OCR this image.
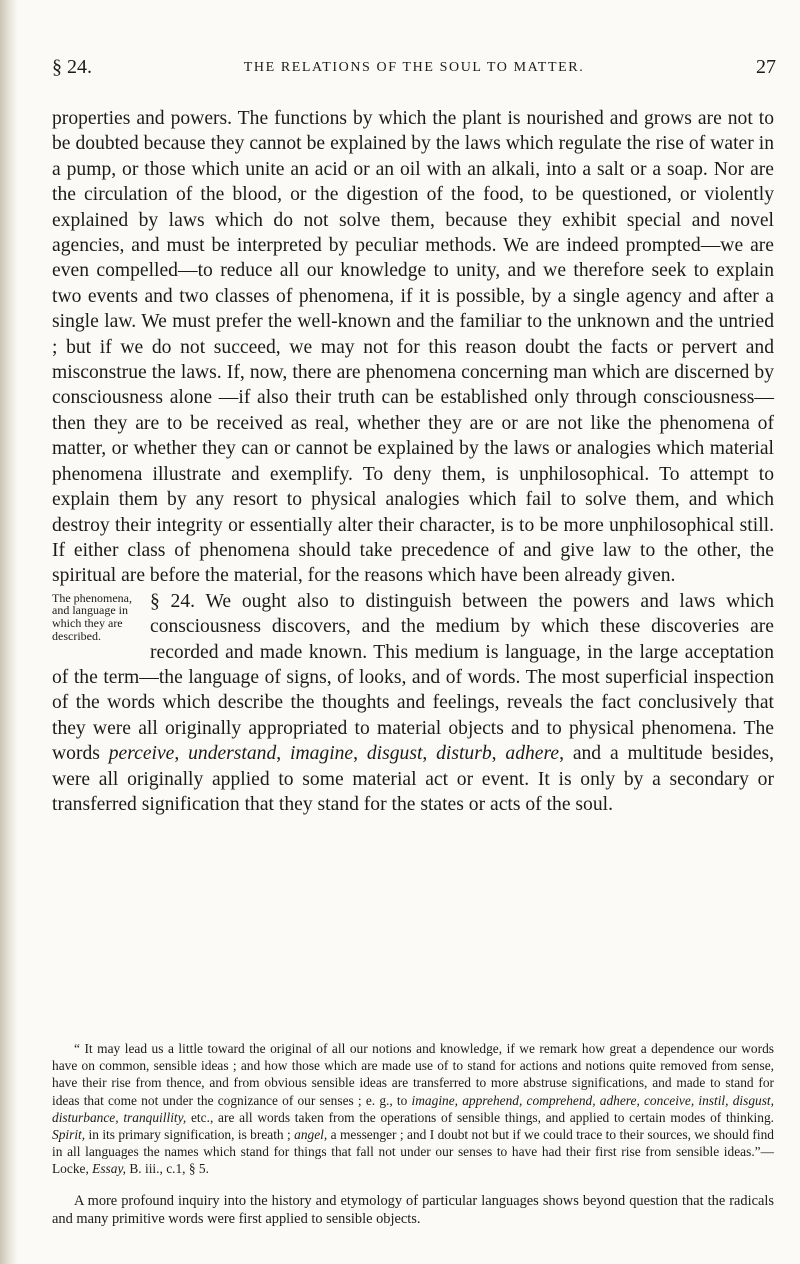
§ 24.	THE RELATIONS OF THE SOUL TO MATTER.	27

properties and powers. The functions by which the plant is nourished and grows are not to be doubted because they cannot be explained by the laws which regulate the rise of water in a pump, or those which unite an acid or an oil with an alkali, into a salt or a soap. Nor are the circulation of the blood, or the digestion of the food, to be questioned, or violently explained by laws which do not solve them, because they exhibit special and novel agencies, and must be interpreted by peculiar methods. We are indeed prompted—we are even compelled—to reduce all our knowledge to unity, and we therefore seek to explain two events and two classes of phenomena, if it is possible, by a single agency and after a single law. We must prefer the well-known and the familiar to the unknown and the untried ; but if we do not succeed, we may not for this reason doubt the facts or pervert and misconstrue the laws. If, now, there are phenomena concerning man which are discerned by consciousness alone —if also their truth can be established only through consciousness—then they are to be received as real, whether they are or are not like the phenomena of matter, or whether they can or cannot be explained by the laws or analogies which material phenomena illustrate and exemplify. To deny them, is unphilosophical. To attempt to explain them by any resort to physical analogies which fail to solve them, and which destroy their integrity or essentially alter their character, is to be more unphilosophical still. If either class of phenomena should take precedence of and give law to the other, the spiritual are before the material, for the reasons which have been already given.

The phenomena, and language in which they are described.

§ 24. We ought also to distinguish between the powers and laws which consciousness discovers, and the medium by which these discoveries are recorded and made known. This medium is language, in the large acceptation of the term—the language of signs, of looks, and of words. The most superficial inspection of the words which describe the thoughts and feelings, reveals the fact conclusively that they were all originally appropriated to material objects and to physical phenomena. The words perceive, understand, imagine, disgust, disturb, adhere, and a multitude besides, were all originally applied to some material act or event. It is only by a secondary or transferred signification that they stand for the states or acts of the soul.

“ It may lead us a little toward the original of all our notions and knowledge, if we remark how great a dependence our words have on common, sensible ideas ; and how those which are made use of to stand for actions and notions quite removed from sense, have their rise from thence, and from obvious sensible ideas are transferred to more abstruse significations, and made to stand for ideas that come not under the cognizance of our senses ; e. g., to imagine, apprehend, comprehend, adhere, conceive, instil, disgust, disturbance, tranquillity, etc., are all words taken from the operations of sensible things, and applied to certain modes of thinking. Spirit, in its primary signification, is breath ; angel, a messenger ; and I doubt not but if we could trace to their sources, we should find in all languages the names which stand for things that fall not under our senses to have had their first rise from sensible ideas.”—Locke, Essay, B. iii., c.1, § 5.

A more profound inquiry into the history and etymology of particular languages shows beyond question that the radicals and many primitive words were first applied to sensible objects.
